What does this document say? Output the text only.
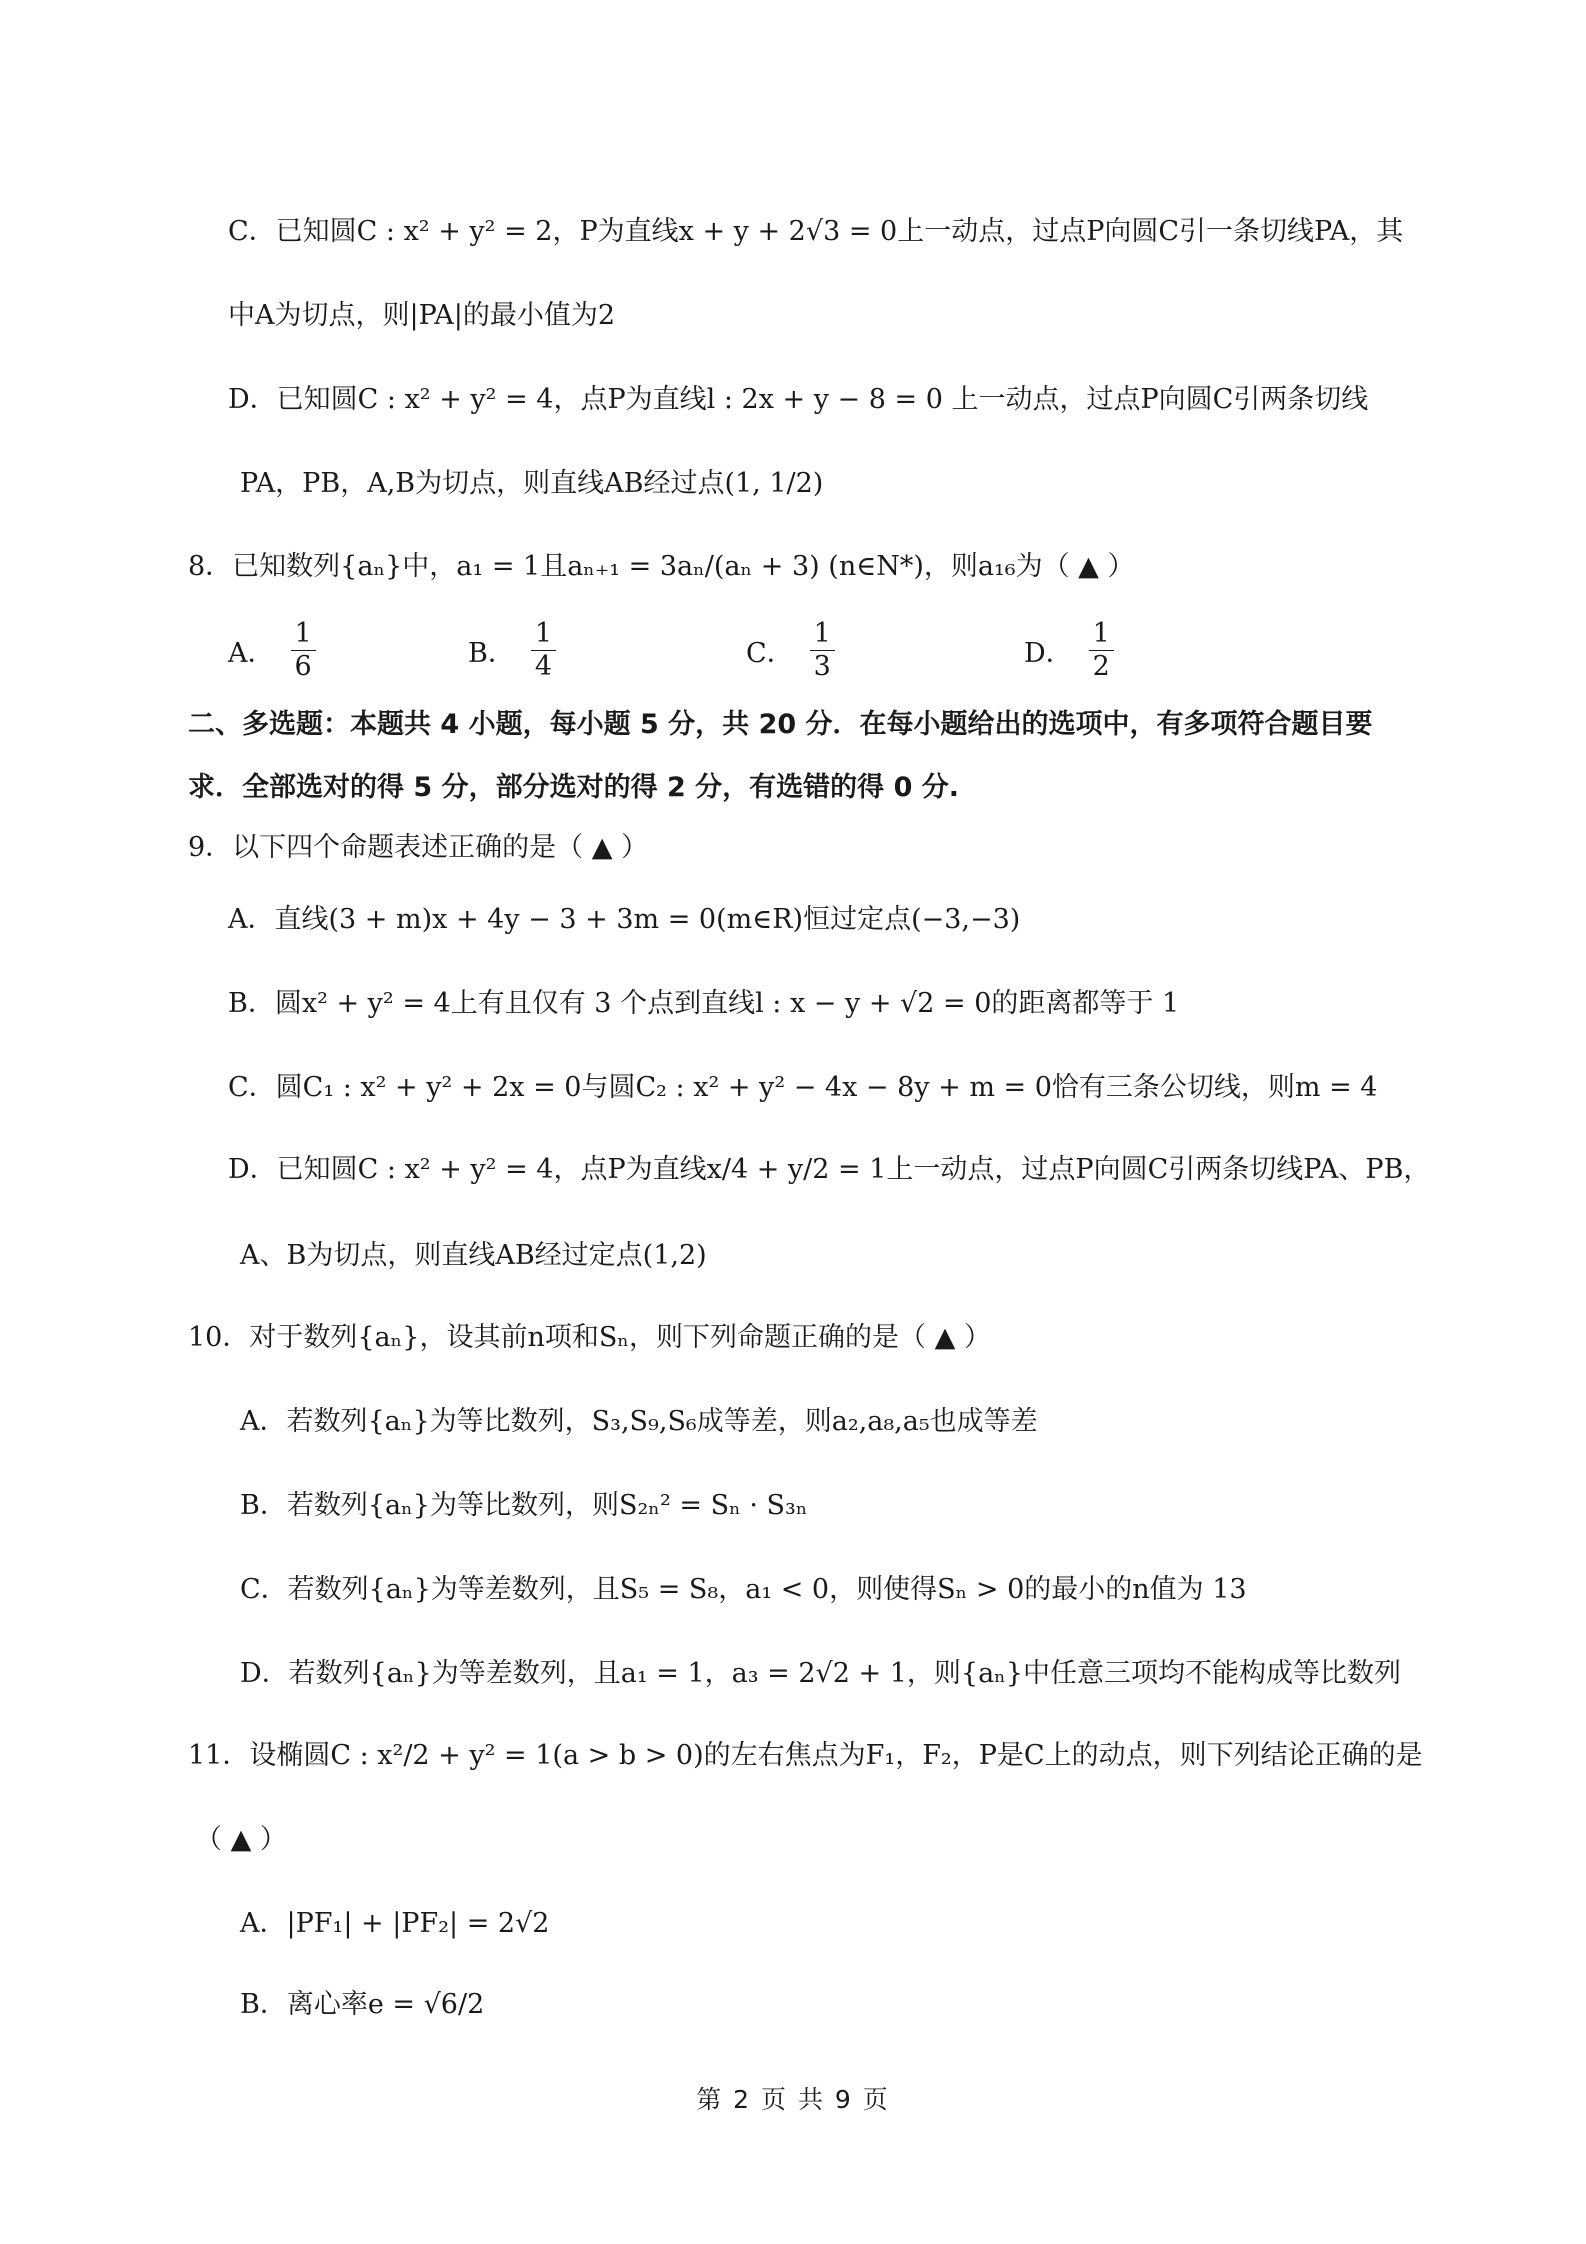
C．已知圆C : x² + y² = 2，P为直线x + y + 2√3 = 0上一动点，过点P向圆C引一条切线PA，其
中A为切点，则|PA|的最小值为2
D．已知圆C : x² + y² = 4，点P为直线l : 2x + y − 8 = 0 上一动点，过点P向圆C引两条切线
PA，PB，A,B为切点，则直线AB经过点(1, 1/2)
8．已知数列{aₙ}中，a₁ = 1且aₙ₊₁ = 3aₙ/(aₙ + 3) (n∈N*)，则a₁₆为（ ▲ ）
A． $\frac{1}{6}$	B． $\frac{1}{4}$	C． $\frac{1}{3}$	D． $\frac{1}{2}$
二、多选题：本题共 4 小题，每小题 5 分，共 20 分．在每小题给出的选项中，有多项符合题目要
求．全部选对的得 5 分，部分选对的得 2 分，有选错的得 0 分.
9．以下四个命题表述正确的是（ ▲ ）
A．直线(3 + m)x + 4y − 3 + 3m = 0(m∈R)恒过定点(−3,−3)
B．圆x² + y² = 4上有且仅有 3 个点到直线l : x − y + √2 = 0的距离都等于 1
C．圆C₁ : x² + y² + 2x = 0与圆C₂ : x² + y² − 4x − 8y + m = 0恰有三条公切线，则m = 4
D．已知圆C : x² + y² = 4，点P为直线x/4 + y/2 = 1上一动点，过点P向圆C引两条切线PA、PB，
A、B为切点，则直线AB经过定点(1,2)
10．对于数列{aₙ}，设其前n项和Sₙ，则下列命题正确的是（ ▲ ）
A．若数列{aₙ}为等比数列，S₃,S₉,S₆成等差，则a₂,a₈,a₅也成等差
B．若数列{aₙ}为等比数列，则S₂ₙ² = Sₙ · S₃ₙ
C．若数列{aₙ}为等差数列，且S₅ = S₈，a₁ < 0，则使得Sₙ > 0的最小的n值为 13
D．若数列{aₙ}为等差数列，且a₁ = 1，a₃ = 2√2 + 1，则{aₙ}中任意三项均不能构成等比数列
11．设椭圆C : x²/2 + y² = 1(a > b > 0)的左右焦点为F₁，F₂，P是C上的动点，则下列结论正确的是
（ ▲ ）
A．|PF₁| + |PF₂| = 2√2
B．离心率e = √6/2
第 2 页 共 9 页
